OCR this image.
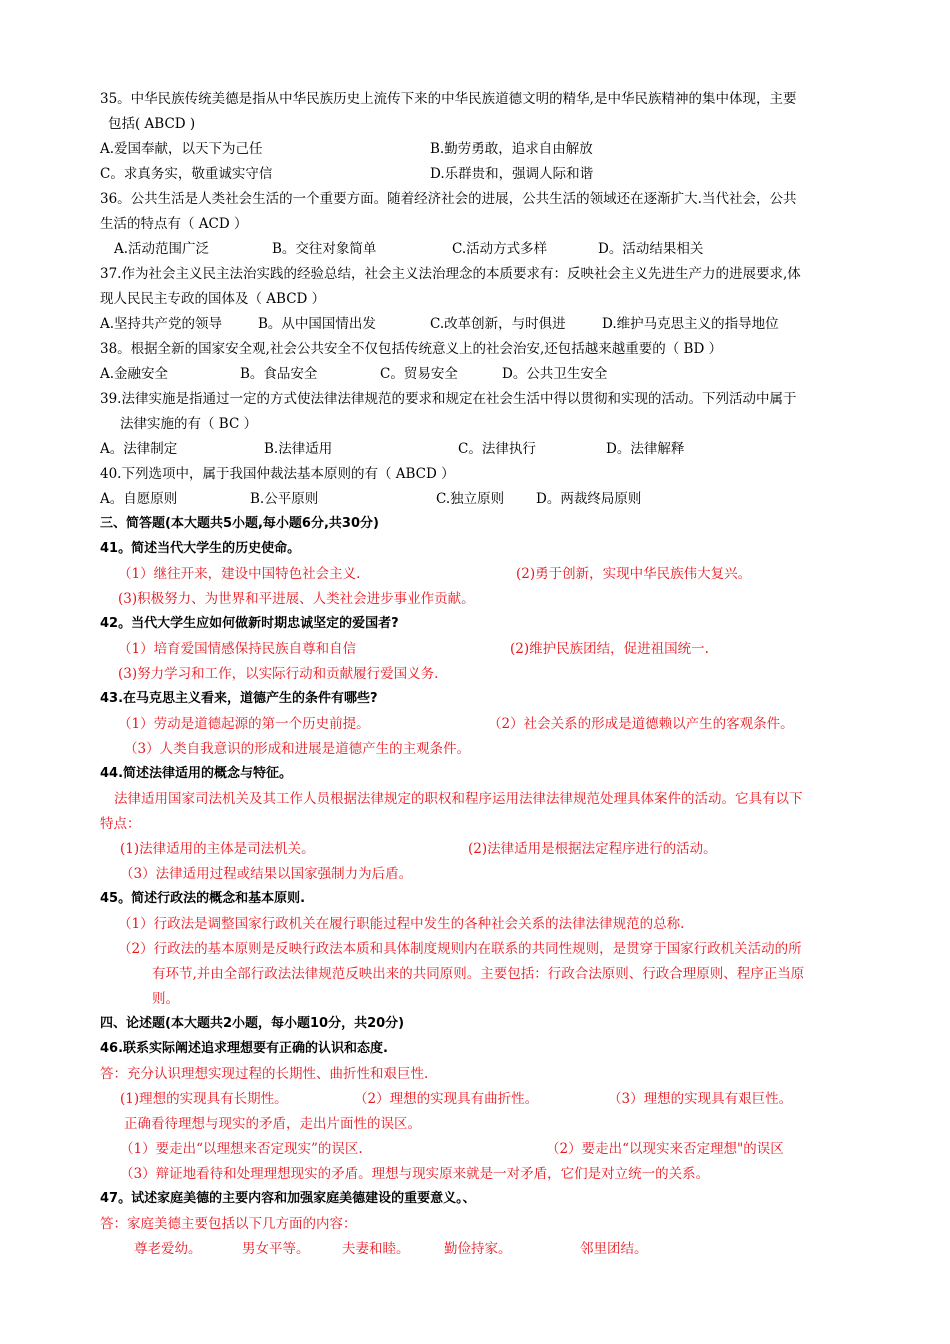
35。中华民族传统美德是指从中华民族历史上流传下来的中华民族道德文明的精华,是中华民族精神的集中体现，主要
包括( ABCD )
A.爱国奉献，以天下为己任	B.勤劳勇敢，追求自由解放
C。求真务实，敬重诚实守信	D.乐群贵和，强调人际和谐
36。公共生活是人类社会生活的一个重要方面。随着经济社会的进展，公共生活的领域还在逐渐扩大.当代社会，公共
生活的特点有（ ACD ）
A.活动范围广泛	B。交往对象简单	C.活动方式多样	D。活动结果相关
37.作为社会主义民主法治实践的经验总结，社会主义法治理念的本质要求有：反映社会主义先进生产力的进展要求,体
现人民民主专政的国体及（ ABCD ）
A.坚持共产党的领导	B。从中国国情出发	C.改革创新，与时俱进	D.维护马克思主义的指导地位
38。根据全新的国家安全观,社会公共安全不仅包括传统意义上的社会治安,还包括越来越重要的（ BD ）
A.金融安全	B。食品安全	C。贸易安全	D。公共卫生安全
39.法律实施是指通过一定的方式使法律法律规范的要求和规定在社会生活中得以贯彻和实现的活动。下列活动中属于
法律实施的有（ BC ）
A。法律制定	B.法律适用	C。法律执行	D。法律解释
40.下列选项中，属于我国仲裁法基本原则的有（ ABCD ）
A。自愿原则	B.公平原则	C.独立原则 D。两裁终局原则
三、简答题(本大题共5小题,每小题6分,共30分)
41。简述当代大学生的历史使命。
（1）继往开来，建设中国特色社会主义.	(2)勇于创新，实现中华民族伟大复兴。
(3)积极努力、为世界和平进展、人类社会进步事业作贡献。
42。当代大学生应如何做新时期忠诚坚定的爱国者?
（1）培育爱国情感保持民族自尊和自信	(2)维护民族团结，促进祖国统一.
(3)努力学习和工作，以实际行动和贡献履行爱国义务.
43.在马克思主义看来，道德产生的条件有哪些?
（1）劳动是道德起源的第一个历史前提。	（2）社会关系的形成是道德赖以产生的客观条件。
（3）人类自我意识的形成和进展是道德产生的主观条件。
44.简述法律适用的概念与特征。
法律适用国家司法机关及其工作人员根据法律规定的职权和程序运用法律法律规范处理具体案件的活动。它具有以下
特点：
(1)法律适用的主体是司法机关。	(2)法律适用是根据法定程序进行的活动。
（3）法律适用过程或结果以国家强制力为后盾。
45。简述行政法的概念和基本原则.
（1）行政法是调整国家行政机关在履行职能过程中发生的各种社会关系的法律法律规范的总称.
（2）行政法的基本原则是反映行政法本质和具体制度规则内在联系的共同性规则，是贯穿于国家行政机关活动的所
有环节,并由全部行政法法律规范反映出来的共同原则。主要包括：行政合法原则、行政合理原则、程序正当原
则。
四、论述题(本大题共2小题，每小题10分，共20分)
46.联系实际阐述追求理想要有正确的认识和态度.
答：充分认识理想实现过程的长期性、曲折性和艰巨性.
(1)理想的实现具有长期性。	（2）理想的实现具有曲折性。	（3）理想的实现具有艰巨性。
正确看待理想与现实的矛盾，走出片面性的误区。
（1）要走出“以理想来否定现实”的误区.	（2）要走出“以现实来否定理想"的误区
（3）辩证地看待和处理理想现实的矛盾。理想与现实原来就是一对矛盾，它们是对立统一的关系。
47。试述家庭美德的主要内容和加强家庭美德建设的重要意义。、
答：家庭美德主要包括以下几方面的内容：
尊老爱幼。	男女平等。 夫妻和睦。	勤俭持家。	邻里团结。
